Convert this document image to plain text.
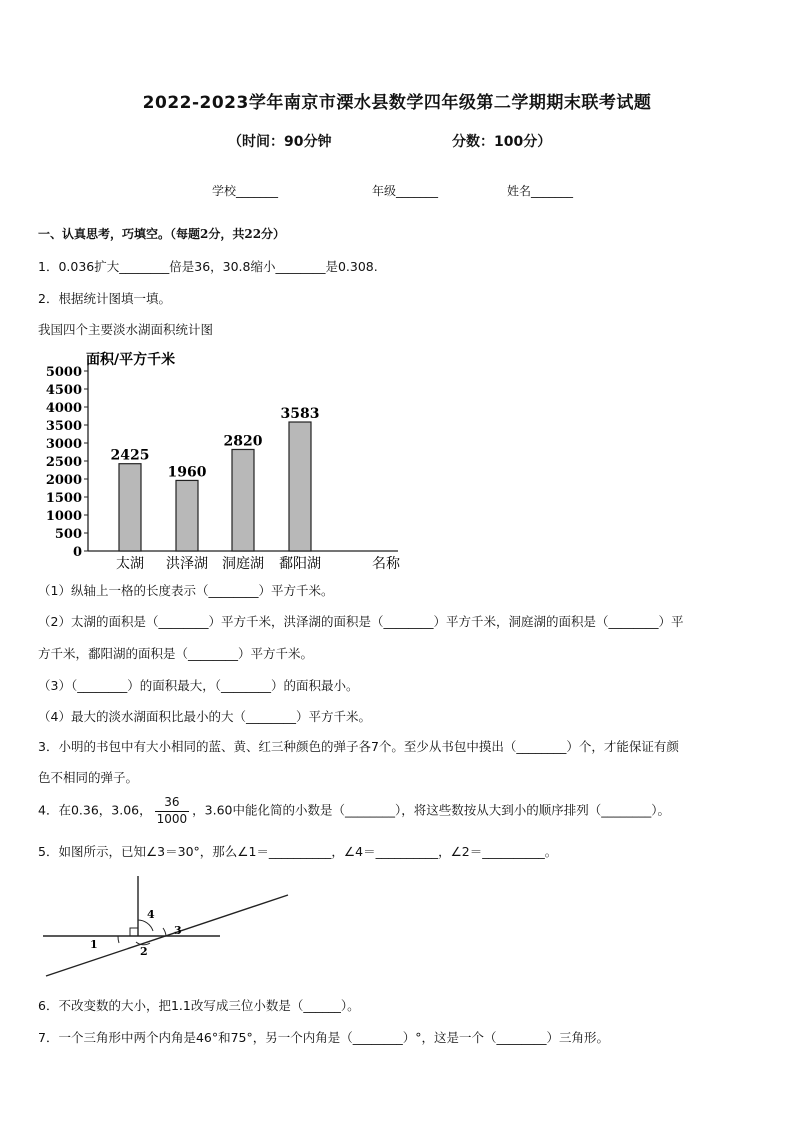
2022-2023学年南京市溧水县数学四年级第二学期期末联考试题
（时间：90分钟	分数：100分）
学校_______	年级_______	姓名_______
一、认真思考，巧填空。（每题2分，共22分）
1．0.036扩大________倍是36，30.8缩小________是0.308.
2．根据统计图填一填。
我国四个主要淡水湖面积统计图
0
500
1000
1500
2000
2500
3000
3500
4000
4500
5000
面积/平方千米
名称
2425
太湖
1960
洪泽湖
2820
洞庭湖
3583
鄱阳湖
（1）纵轴上一格的长度表示（________）平方千米。
（2）太湖的面积是（________）平方千米，洪泽湖的面积是（________）平方千米，洞庭湖的面积是（________）平
方千米，鄱阳湖的面积是（________）平方千米。
（3）（________）的面积最大，（________）的面积最小。
（4）最大的淡水湖面积比最小的大（________）平方千米。
3．小明的书包中有大小相同的蓝、黄、红三种颜色的弹子各7个。至少从书包中摸出（________）个，才能保证有颜
色不相同的弹子。
4．在0.36，3.06， $\frac{36}{1000}$ ，3.60中能化简的小数是（________），将这些数按从大到小的顺序排列（________）。
5．如图所示，已知∠3＝30°，那么∠1＝__________，∠4＝__________，∠2＝__________。
1
2
3
4
6．不改变数的大小，把1.1改写成三位小数是（______）。
7．一个三角形中两个内角是46°和75°，另一个内角是（________）°，这是一个（________）三角形。
